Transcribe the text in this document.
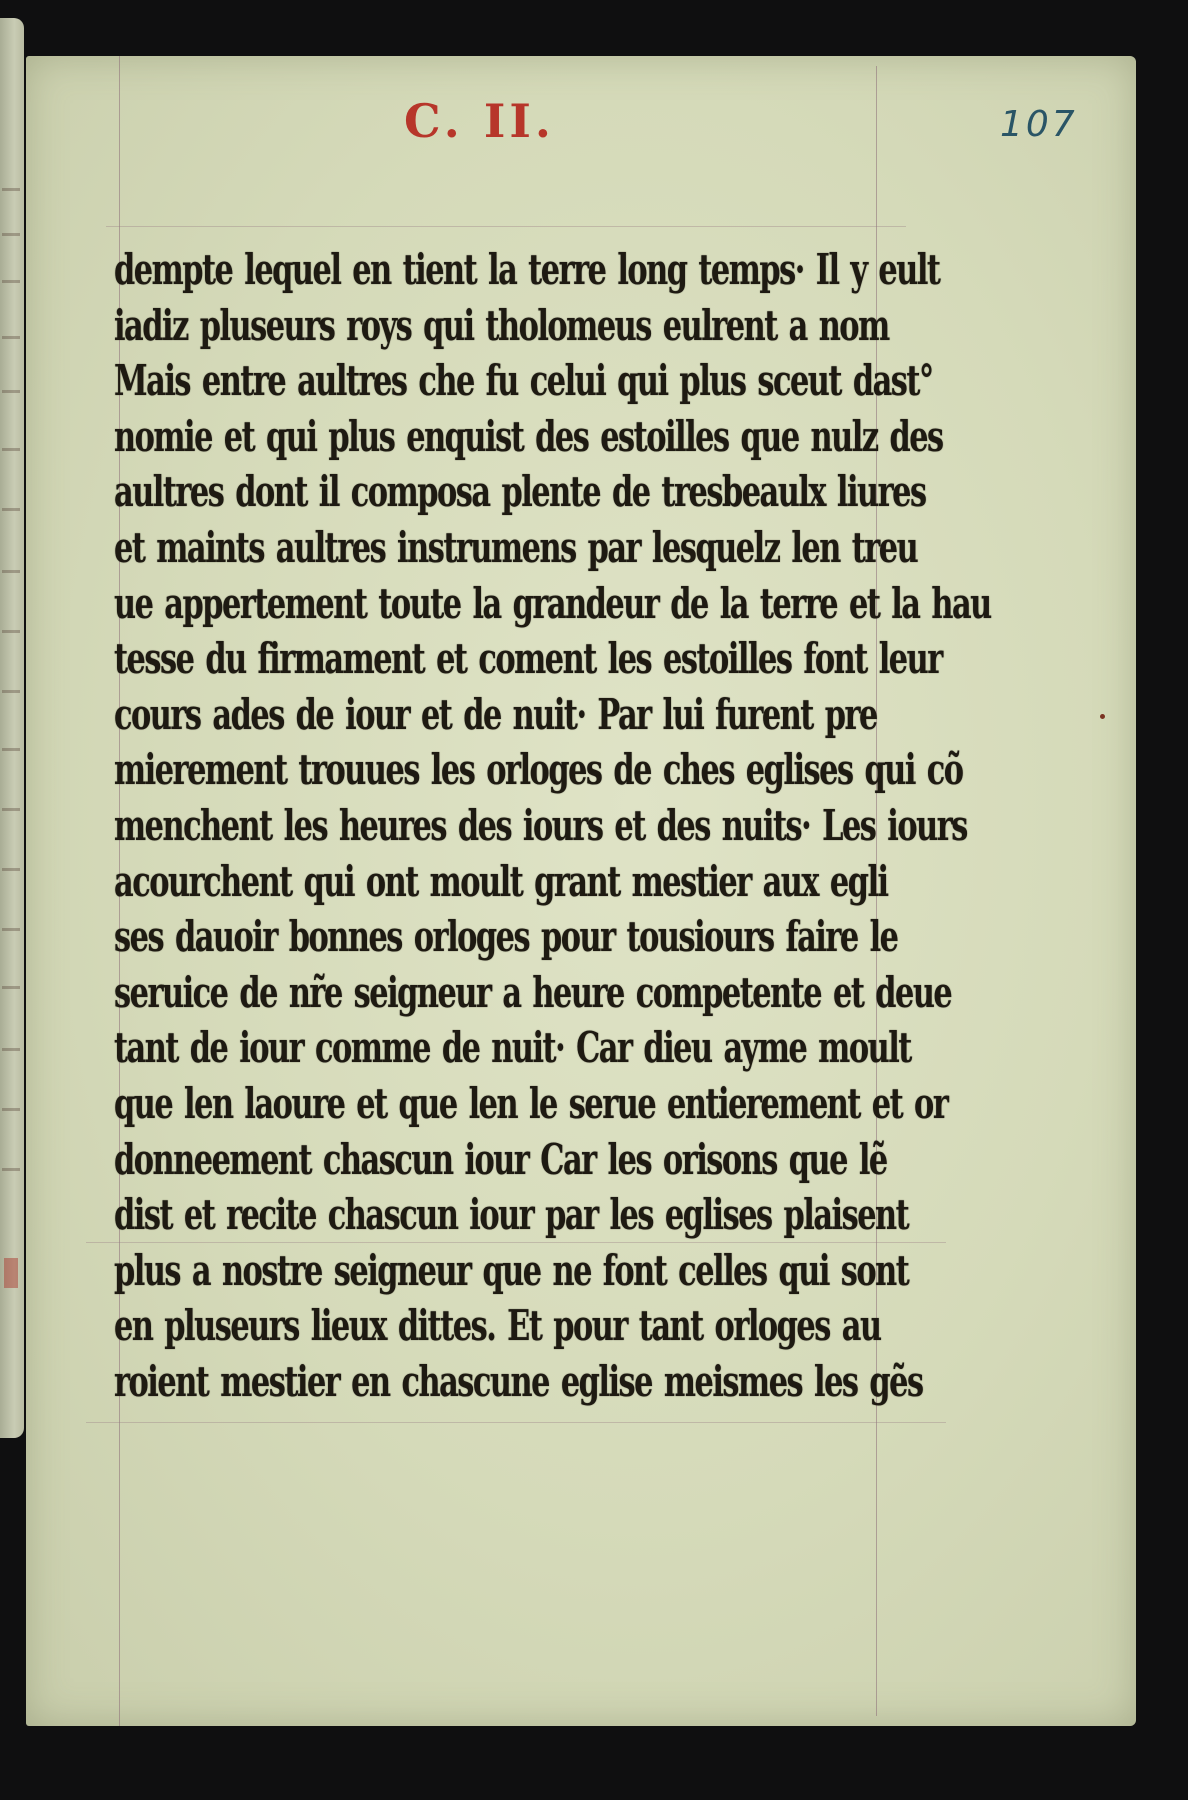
C. II.	107
dempte lequel en tient la terre long temps· Il y eult
iadiz pluseurs roys qui tholomeus eulrent a nom
Mais entre aultres che fu celui qui plus sceut dast°
nomie et qui plus enquist des estoilles que nulz des
aultres dont il composa plente de tresbeaulx liures
et maints aultres instrumens par lesquelz len treu
ue appertement toute la grandeur de la terre et la hau
tesse du firmament et coment les estoilles font leur
cours ades de iour et de nuit· Par lui furent pre
mierement trouues les orloges de ches eglises qui cõ
menchent les heures des iours et des nuits· Les iours
acourchent qui ont moult grant mestier aux egli
ses dauoir bonnes orloges pour tousiours faire le
seruice de nr̃e seigneur a heure competente et deue
tant de iour comme de nuit· Car dieu ayme moult
que len laoure et que len le serue entierement et or
donneement chascun iour Car les orisons que lẽ
dist et recite chascun iour par les eglises plaisent
plus a nostre seigneur que ne font celles qui sont
en pluseurs lieux dittes. Et pour tant orloges au
roient mestier en chascune eglise meismes les gẽs
